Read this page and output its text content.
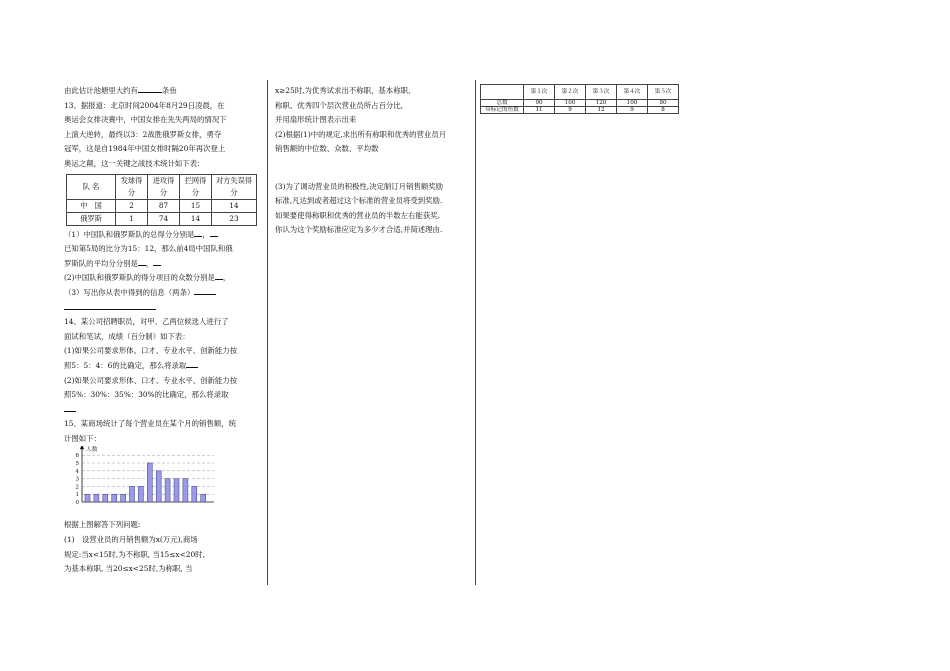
由此估计池塘里大约有	条鱼

13、据报道：北京时间2004年8月29日凌晨，在

奥运会女排决赛中，中国女排在先失两局的情况下

上演大逆转，最终以3：2战胜俄罗斯女排，勇夺

冠军，这是自1984年中国女排时隔20年再次登上

奥运之颠，这一关键之战技术统计如下表：

队 名	发球得分	进攻得分	拦网得分	对方失误得　分
中　国	2	87	15	14
俄罗斯	1	74	14	23

（1）中国队和俄罗斯队的总得分分别是 ，

已知第5局的比分为15：12，那么前4局中国队和俄

罗斯队的平均分分别是 ，

(2)中国队和俄罗斯队的得分项目的众数分别是 ，

（3）写出你从表中得到的信息（两条）

14、某公司招聘职员，对甲、乙两位候选人进行了

面试和笔试，成绩（百分制）如下表：

(1)如果公司要求形体、口才、专业水平、创新能力按

照5：5：4：6的比确定，那么将录取

(2)如果公司要求形体、口才、专业水平、创新能力按

照5%：30%：35%：30%的比确定，那么将录取

15、某商场统计了每个营业员在某个月的销售额，统

计图如下：

0
1
2
3
4
5
6
人数

根据上图解答下列问题:

(1)　设营业员的月销售额为x(万元),商场

规定:当x<15时,为不称职, 当15≤x<20时,

为基本称职, 当20≤x<25时,为称职, 当

x≥25时,为优秀试求出不称职、基本称职、

称职、优秀四个层次营业员所占百分比,

并用扇形统计图表示出来

(2)根据(1)中的规定,求出所有称职和优秀的营业员月

销售额的中位数、众数、平均数

(3)为了调动营业员的积极性,决定制订月销售额奖励

标准,凡达到或者超过这个标准的营业员将受到奖励.

如果要使得称职和优秀的营业员的半数左右能获奖,

你认为这个奖励标准应定为多少才合适,并简述理由.

	第１次	第２次	第３次	第４次	第５次
总数	90	100	120	100	80
带标记的鱼数	11	9	12	9	8
